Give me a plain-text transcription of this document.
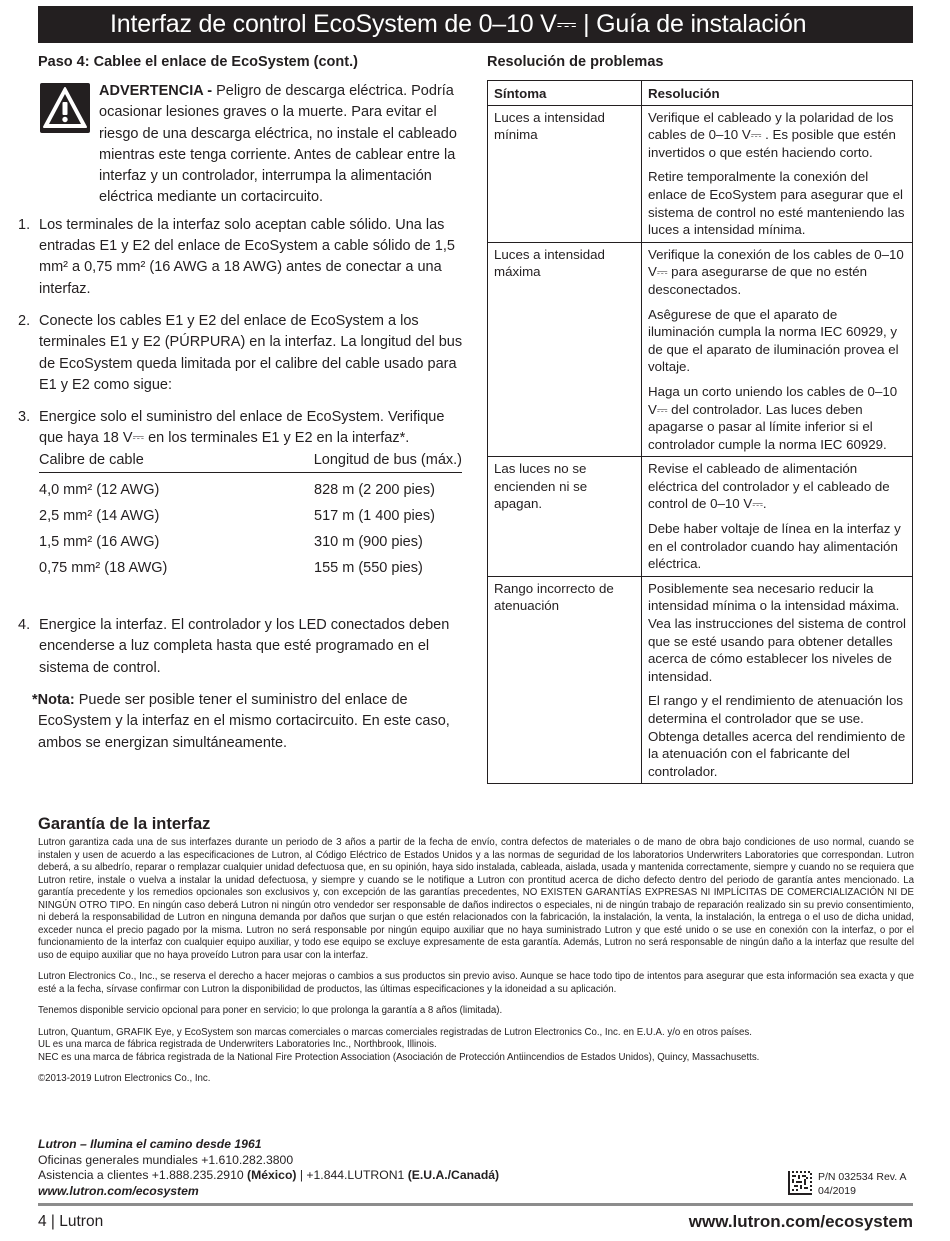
Interfaz de control EcoSystem de 0–10 V⎓ | Guía de instalación
Paso 4: Cablee el enlace de EcoSystem (cont.)
ADVERTENCIA - Peligro de descarga eléctrica. Podría ocasionar lesiones graves o la muerte. Para evitar el riesgo de una descarga eléctrica, no instale el cableado mientras este tenga corriente. Antes de cablear entre la interfaz y un controlador, interrumpa la alimentación eléctrica mediante un cortacircuito.
1. Los terminales de la interfaz solo aceptan cable sólido. Una las entradas E1 y E2 del enlace de EcoSystem a cable sólido de 1,5 mm² a 0,75 mm² (16 AWG a 18 AWG) antes de conectar a una interfaz.
2. Conecte los cables E1 y E2 del enlace de EcoSystem a los terminales E1 y E2 (PÚRPURA) en la interfaz. La longitud del bus de EcoSystem queda limitada por el calibre del cable usado para E1 y E2 como sigue:
3. Energice solo el suministro del enlace de EcoSystem. Verifique que haya 18 V⎓ en los terminales E1 y E2 en la interfaz*.
Calibre de cable	Longitud de bus (máx.)
4,0 mm² (12 AWG)	828 m (2 200 pies)
2,5 mm² (14 AWG)	517 m (1 400 pies)
1,5 mm² (16 AWG)	310 m (900 pies)
0,75 mm² (18 AWG)	155 m (550 pies)
4. Energice la interfaz. El controlador y los LED conectados deben encenderse a luz completa hasta que esté programado en el sistema de control.
*Nota: Puede ser posible tener el suministro del enlace de EcoSystem y la interfaz en el mismo cortacircuito. En este caso, ambos se energizan simultáneamente.
Resolución de problemas
Síntoma	Resolución
Luces a intensidad mínima	Verifique el cableado y la polaridad de los cables de 0–10 V⎓ . Es posible que estén invertidos o que estén haciendo corto.
Retire temporalmente la conexión del enlace de EcoSystem para asegurar que el sistema de control no esté manteniendo las luces a intensidad mínima.

Luces a intensidad máxima	Verifique la conexión de los cables de 0–10 V⎓ para asegurarse de que no estén desconectados.
Asêgurese de que el aparato de iluminación cumpla la norma IEC 60929, y de que el aparato de iluminación provea el voltaje.
Haga un corto uniendo los cables de 0–10 V⎓ del controlador. Las luces deben apagarse o pasar al límite inferior si el controlador cumple la norma IEC 60929.

Las luces no se encienden ni se apagan.	Revise el cableado de alimentación eléctrica del controlador y el cableado de control de 0–10 V⎓.
Debe haber voltaje de línea en la interfaz y en el controlador cuando hay alimentación eléctrica.

Rango incorrecto de atenuación	Posiblemente sea necesario reducir la intensidad mínima o la intensidad máxima. Vea las instrucciones del sistema de control que se esté usando para obtener detalles acerca de cómo establecer los niveles de intensidad.
El rango y el rendimiento de atenuación los determina el controlador que se use. Obtenga detalles acerca del rendimiento de la atenuación con el fabricante del controlador.
Garantía de la interfaz
Lutron garantiza cada una de sus interfazes durante un periodo de 3 años a partir de la fecha de envío, contra defectos de materiales o de mano de obra bajo condiciones de uso normal, cuando se instalen y usen de acuerdo a las especificaciones de Lutron, al Código Eléctrico de Estados Unidos y a las normas de seguridad de los laboratorios Underwriters Laboratories que correspondan. Lutron deberá, a su albedrío, reparar o remplazar cualquier unidad defectuosa que, en su opinión, haya sido instalada, cableada, aislada, usada y mantenida correctamente, siempre y cuando no se requiera que Lutron retire, instale o vuelva a instalar la unidad defectuosa, y siempre y cuando se le notifique a Lutron con prontitud acerca de dicho defecto dentro del periodo de garantía antes mencionado. La garantía precedente y los remedios opcionales son exclusivos y, con excepción de las garantías precedentes, NO EXISTEN GARANTÍAS EXPRESAS NI IMPLÍCITAS DE COMERCIALIZACIÓN NI DE NINGÚN OTRO TIPO. En ningún caso deberá Lutron ni ningún otro vendedor ser responsable de daños indirectos o especiales, ni de ningún trabajo de reparación realizado sin su previo consentimiento, ni deberá la responsabilidad de Lutron en ninguna demanda por daños que surjan o que estén relacionados con la fabricación, la instalación, la venta, la instalación, la entrega o el uso de dicha unidad, exceder nunca el precio pagado por la misma. Lutron no será responsable por ningún equipo auxiliar que no haya suministrado Lutron y que esté unido o se use en conexión con la interfaz, o por el funcionamiento de la interfaz con cualquier equipo auxiliar, y todo ese equipo se excluye expresamente de esta garantía. Además, Lutron no será responsable de ningún daño a la interfaz que resulte del uso de equipo auxiliar que no haya proveído Lutron para usar con la interfaz.
Lutron Electronics Co., Inc., se reserva el derecho a hacer mejoras o cambios a sus productos sin previo aviso. Aunque se hace todo tipo de intentos para asegurar que esta información sea exacta y que esté a la fecha, sírvase confirmar con Lutron la disponibilidad de productos, las últimas especificaciones y la idoneidad a su aplicación.
Tenemos disponible servicio opcional para poner en servicio; lo que prolonga la garantía a 8 años (limitada).
Lutron, Quantum, GRAFIK Eye, y EcoSystem son marcas comerciales o marcas comerciales registradas de Lutron Electronics Co., Inc. en E.U.A. y/o en otros países.
UL es una marca de fábrica registrada de Underwriters Laboratories Inc., Northbrook, Illinois.
NEC es una marca de fábrica registrada de la National Fire Protection Association (Asociación de Protección Antiincendios de Estados Unidos), Quincy, Massachusetts.
©2013-2019 Lutron Electronics Co., Inc.
Lutron – Ilumina el camino desde 1961
Oficinas generales mundiales +1.610.282.3800
Asistencia a clientes +1.888.235.2910 (México) | +1.844.LUTRON1 (E.U.A./Canadá)
www.lutron.com/ecosystem
P/N 032534 Rev. A
04/2019
4 | Lutron	www.lutron.com/ecosystem
